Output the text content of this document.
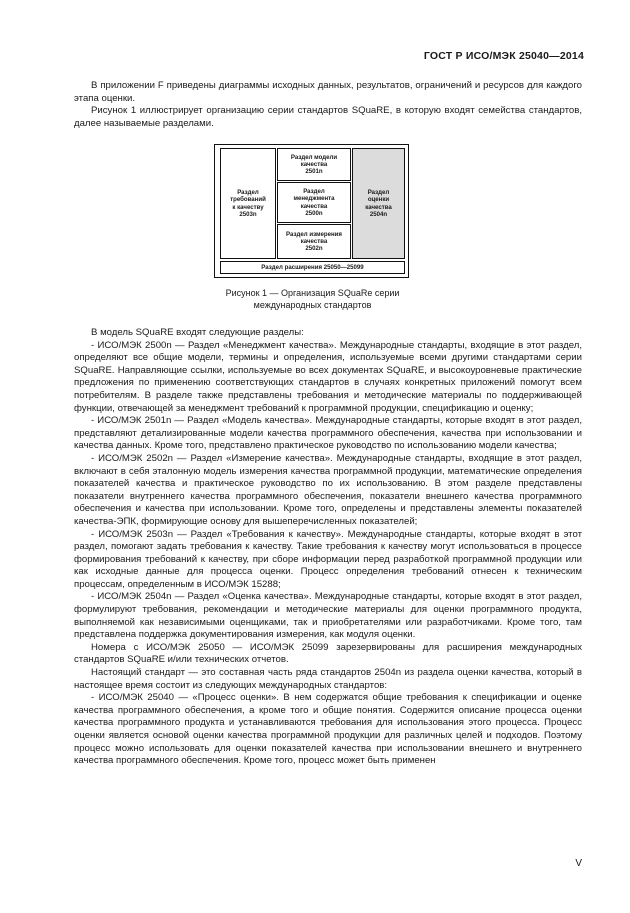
ГОСТ Р ИСО/МЭК 25040—2014

В приложении F приведены диаграммы исходных данных, результатов, ограничений и ресурсов для каждого этапа оценки.

Рисунок 1 иллюстрирует организацию серии стандартов SQuaRE, в которую входят семейства стандартов, далее называемые разделами.

Раздел
требований
к качеству
2503n
Раздел модели
качества
2501n
Раздел
менеджмента
качества
2500n
Раздел измерения
качества
2502n
Раздел
оценки
качества
2504n
Раздел расширения 25050—25099
Рисунок 1 — Организация SQuaRe серии
международных стандартов

В модель SQuaRE входят следующие разделы:

- ИСО/МЭК 2500n — Раздел «Менеджмент качества». Международные стандарты, входящие в этот раздел, определяют все общие модели, термины и определения, используемые всеми другими стандартами серии SQuaRE. Направляющие ссылки, используемые во всех документах SQuaRE, и высокоуровневые практические предложения по применению соответствующих стандартов в случаях конкретных приложений помогут всем потребителям. В разделе также представлены требования и методические материалы по поддерживающей функции, отвечающей за менеджмент требований к программной продукции, спецификацию и оценку;

- ИСО/МЭК 2501n — Раздел «Модель качества». Международные стандарты, которые входят в этот раздел, представляют детализированные модели качества программного обеспечения, качества при использовании и качества данных. Кроме того, представлено практическое руководство по использованию модели качества;

- ИСО/МЭК 2502n — Раздел «Измерение качества». Международные стандарты, входящие в этот раздел, включают в себя эталонную модель измерения качества программной продукции, математические определения показателей качества и практическое руководство по их использованию. В этом разделе представлены показатели внутреннего качества программного обеспечения, показатели внешнего качества программного обеспечения и качества при использовании. Кроме того, определены и представлены элементы показателей качества-ЭПК, формирующие основу для вышеперечисленных показателей;

- ИСО/МЭК 2503n — Раздел «Требования к качеству». Международные стандарты, которые входят в этот раздел, помогают задать требования к качеству. Такие требования к качеству могут использоваться в процессе формирования требований к качеству, при сборе информации перед разработкой программной продукции или как исходные данные для процесса оценки. Процесс определения требований отнесен к техническим процессам, определенным в ИСО/МЭК 15288;

- ИСО/МЭК 2504n — Раздел «Оценка качества». Международные стандарты, которые входят в этот раздел, формулируют требования, рекомендации и методические материалы для оценки программного продукта, выполняемой как независимыми оценщиками, так и приобретателями или разработчиками. Кроме того, там представлена поддержка документирования измерения, как модуля оценки.

Номера с ИСО/МЭК 25050 — ИСО/МЭК 25099 зарезервированы для расширения международных стандартов SQuaRE и/или технических отчетов.

Настоящий стандарт — это составная часть ряда стандартов 2504n из раздела оценки качества, который в настоящее время состоит из следующих международных стандартов:

- ИСО/МЭК 25040 — «Процесс оценки». В нем содержатся общие требования к спецификации и оценке качества программного обеспечения, а кроме того и общие понятия. Содержится описание процесса оценки качества программного продукта и устанавливаются требования для использования этого процесса. Процесс оценки является основой оценки качества программной продукции для различных целей и подходов. Поэтому процесс можно использовать для оценки показателей качества при использовании внешнего и внутреннего качества программного обеспечения. Кроме того, процесс может быть применен

V
